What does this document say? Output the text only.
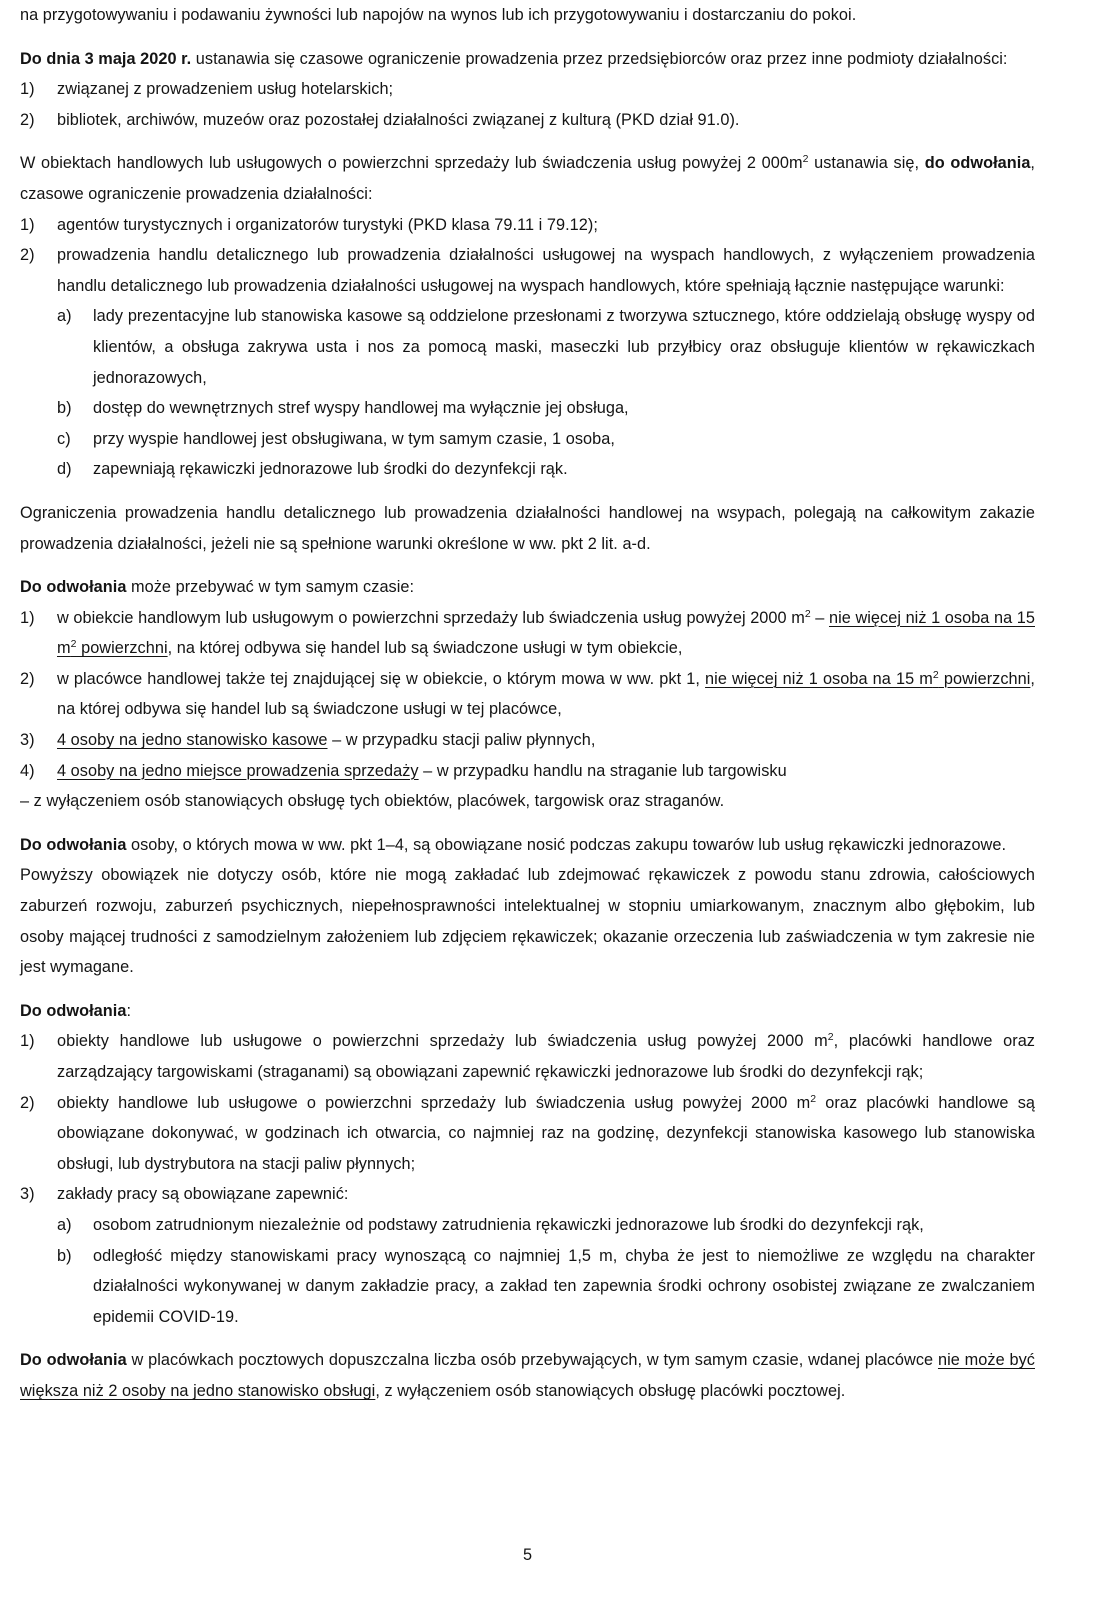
na przygotowywaniu i podawaniu żywności lub napojów na wynos lub ich przygotowywaniu i dostarczaniu do pokoi.
Do dnia 3 maja 2020 r. ustanawia się czasowe ograniczenie prowadzenia przez przedsiębiorców oraz przez inne podmioty działalności:
1) związanej z prowadzeniem usług hotelarskich;
2) bibliotek, archiwów, muzeów oraz pozostałej działalności związanej z kulturą (PKD dział 91.0).
W obiektach handlowych lub usługowych o powierzchni sprzedaży lub świadczenia usług powyżej 2 $000m^2$ ustanawia się, do odwołania, czasowe ograniczenie prowadzenia działalności:
1) agentów turystycznych i organizatorów turystyki (PKD klasa 79.11 i 79.12);
2) prowadzenia handlu detalicznego lub prowadzenia działalności usługowej na wyspach handlowych, z wyłączeniem prowadzenia handlu detalicznego lub prowadzenia działalności usługowej na wyspach handlowych, które spełniają łącznie następujące warunki:
a) lady prezentacyjne lub stanowiska kasowe są oddzielone przesłonami z tworzywa sztucznego, które oddzielają obsługę wyspy od klientów, a obsługa zakrywa usta i nos za pomocą maski, maseczki lub przyłbicy oraz obsługuje klientów w rękawiczkach jednorazowych,
b) dostęp do wewnętrznych stref wyspy handlowej ma wyłącznie jej obsługa,
c) przy wyspie handlowej jest obsługiwana, w tym samym czasie, 1 osoba,
d) zapewniają rękawiczki jednorazowe lub środki do dezynfekcji rąk.
Ograniczenia prowadzenia handlu detalicznego lub prowadzenia działalności handlowej na wsypach, polegają na całkowitym zakazie prowadzenia działalności, jeżeli nie są spełnione warunki określone w ww. pkt 2 lit. a-d.
Do odwołania może przebywać w tym samym czasie:
1) w obiekcie handlowym lub usługowym o powierzchni sprzedaży lub świadczenia usług powyżej 2000 $m^2$ – nie więcej niż 1 osoba na 15 $m^2$ powierzchni, na której odbywa się handel lub są świadczone usługi w tym obiekcie,
2) w placówce handlowej także tej znajdującej się w obiekcie, o którym mowa w ww. pkt 1, nie więcej niż 1 osoba na 15 $m^2$ powierzchni, na której odbywa się handel lub są świadczone usługi w tej placówce,
3) 4 osoby na jedno stanowisko kasowe – w przypadku stacji paliw płynnych,
4) 4 osoby na jedno miejsce prowadzenia sprzedaży – w przypadku handlu na straganie lub targowisku
– z wyłączeniem osób stanowiących obsługę tych obiektów, placówek, targowisk oraz straganów.
Do odwołania osoby, o których mowa w ww. pkt 1–4, są obowiązane nosić podczas zakupu towarów lub usług rękawiczki jednorazowe.
Powyższy obowiązek nie dotyczy osób, które nie mogą zakładać lub zdejmować rękawiczek z powodu stanu zdrowia, całościowych zaburzeń rozwoju, zaburzeń psychicznych, niepełnosprawności intelektualnej w stopniu umiarkowanym, znacznym albo głębokim, lub osoby mającej trudności z samodzielnym założeniem lub zdjęciem rękawiczek; okazanie orzeczenia lub zaświadczenia w tym zakresie nie jest wymagane.
Do odwołania:
1) obiekty handlowe lub usługowe o powierzchni sprzedaży lub świadczenia usług powyżej 2000 $m^2$, placówki handlowe oraz zarządzający targowiskami (straganami) są obowiązani zapewnić rękawiczki jednorazowe lub środki do dezynfekcji rąk;
2) obiekty handlowe lub usługowe o powierzchni sprzedaży lub świadczenia usług powyżej 2000 $m^2$ oraz placówki handlowe są obowiązane dokonywać, w godzinach ich otwarcia, co najmniej raz na godzinę, dezynfekcji stanowiska kasowego lub stanowiska obsługi, lub dystrybutora na stacji paliw płynnych;
3) zakłady pracy są obowiązane zapewnić:
a) osobom zatrudnionym niezależnie od podstawy zatrudnienia rękawiczki jednorazowe lub środki do dezynfekcji rąk,
b) odległość między stanowiskami pracy wynoszącą co najmniej 1,5 m, chyba że jest to niemożliwe ze względu na charakter działalności wykonywanej w danym zakładzie pracy, a zakład ten zapewnia środki ochrony osobistej związane ze zwalczaniem epidemii COVID-19.
Do odwołania w placówkach pocztowych dopuszczalna liczba osób przebywających, w tym samym czasie, wdanej placówce nie może być większa niż 2 osoby na jedno stanowisko obsługi, z wyłączeniem osób stanowiących obsługę placówki pocztowej.
5
